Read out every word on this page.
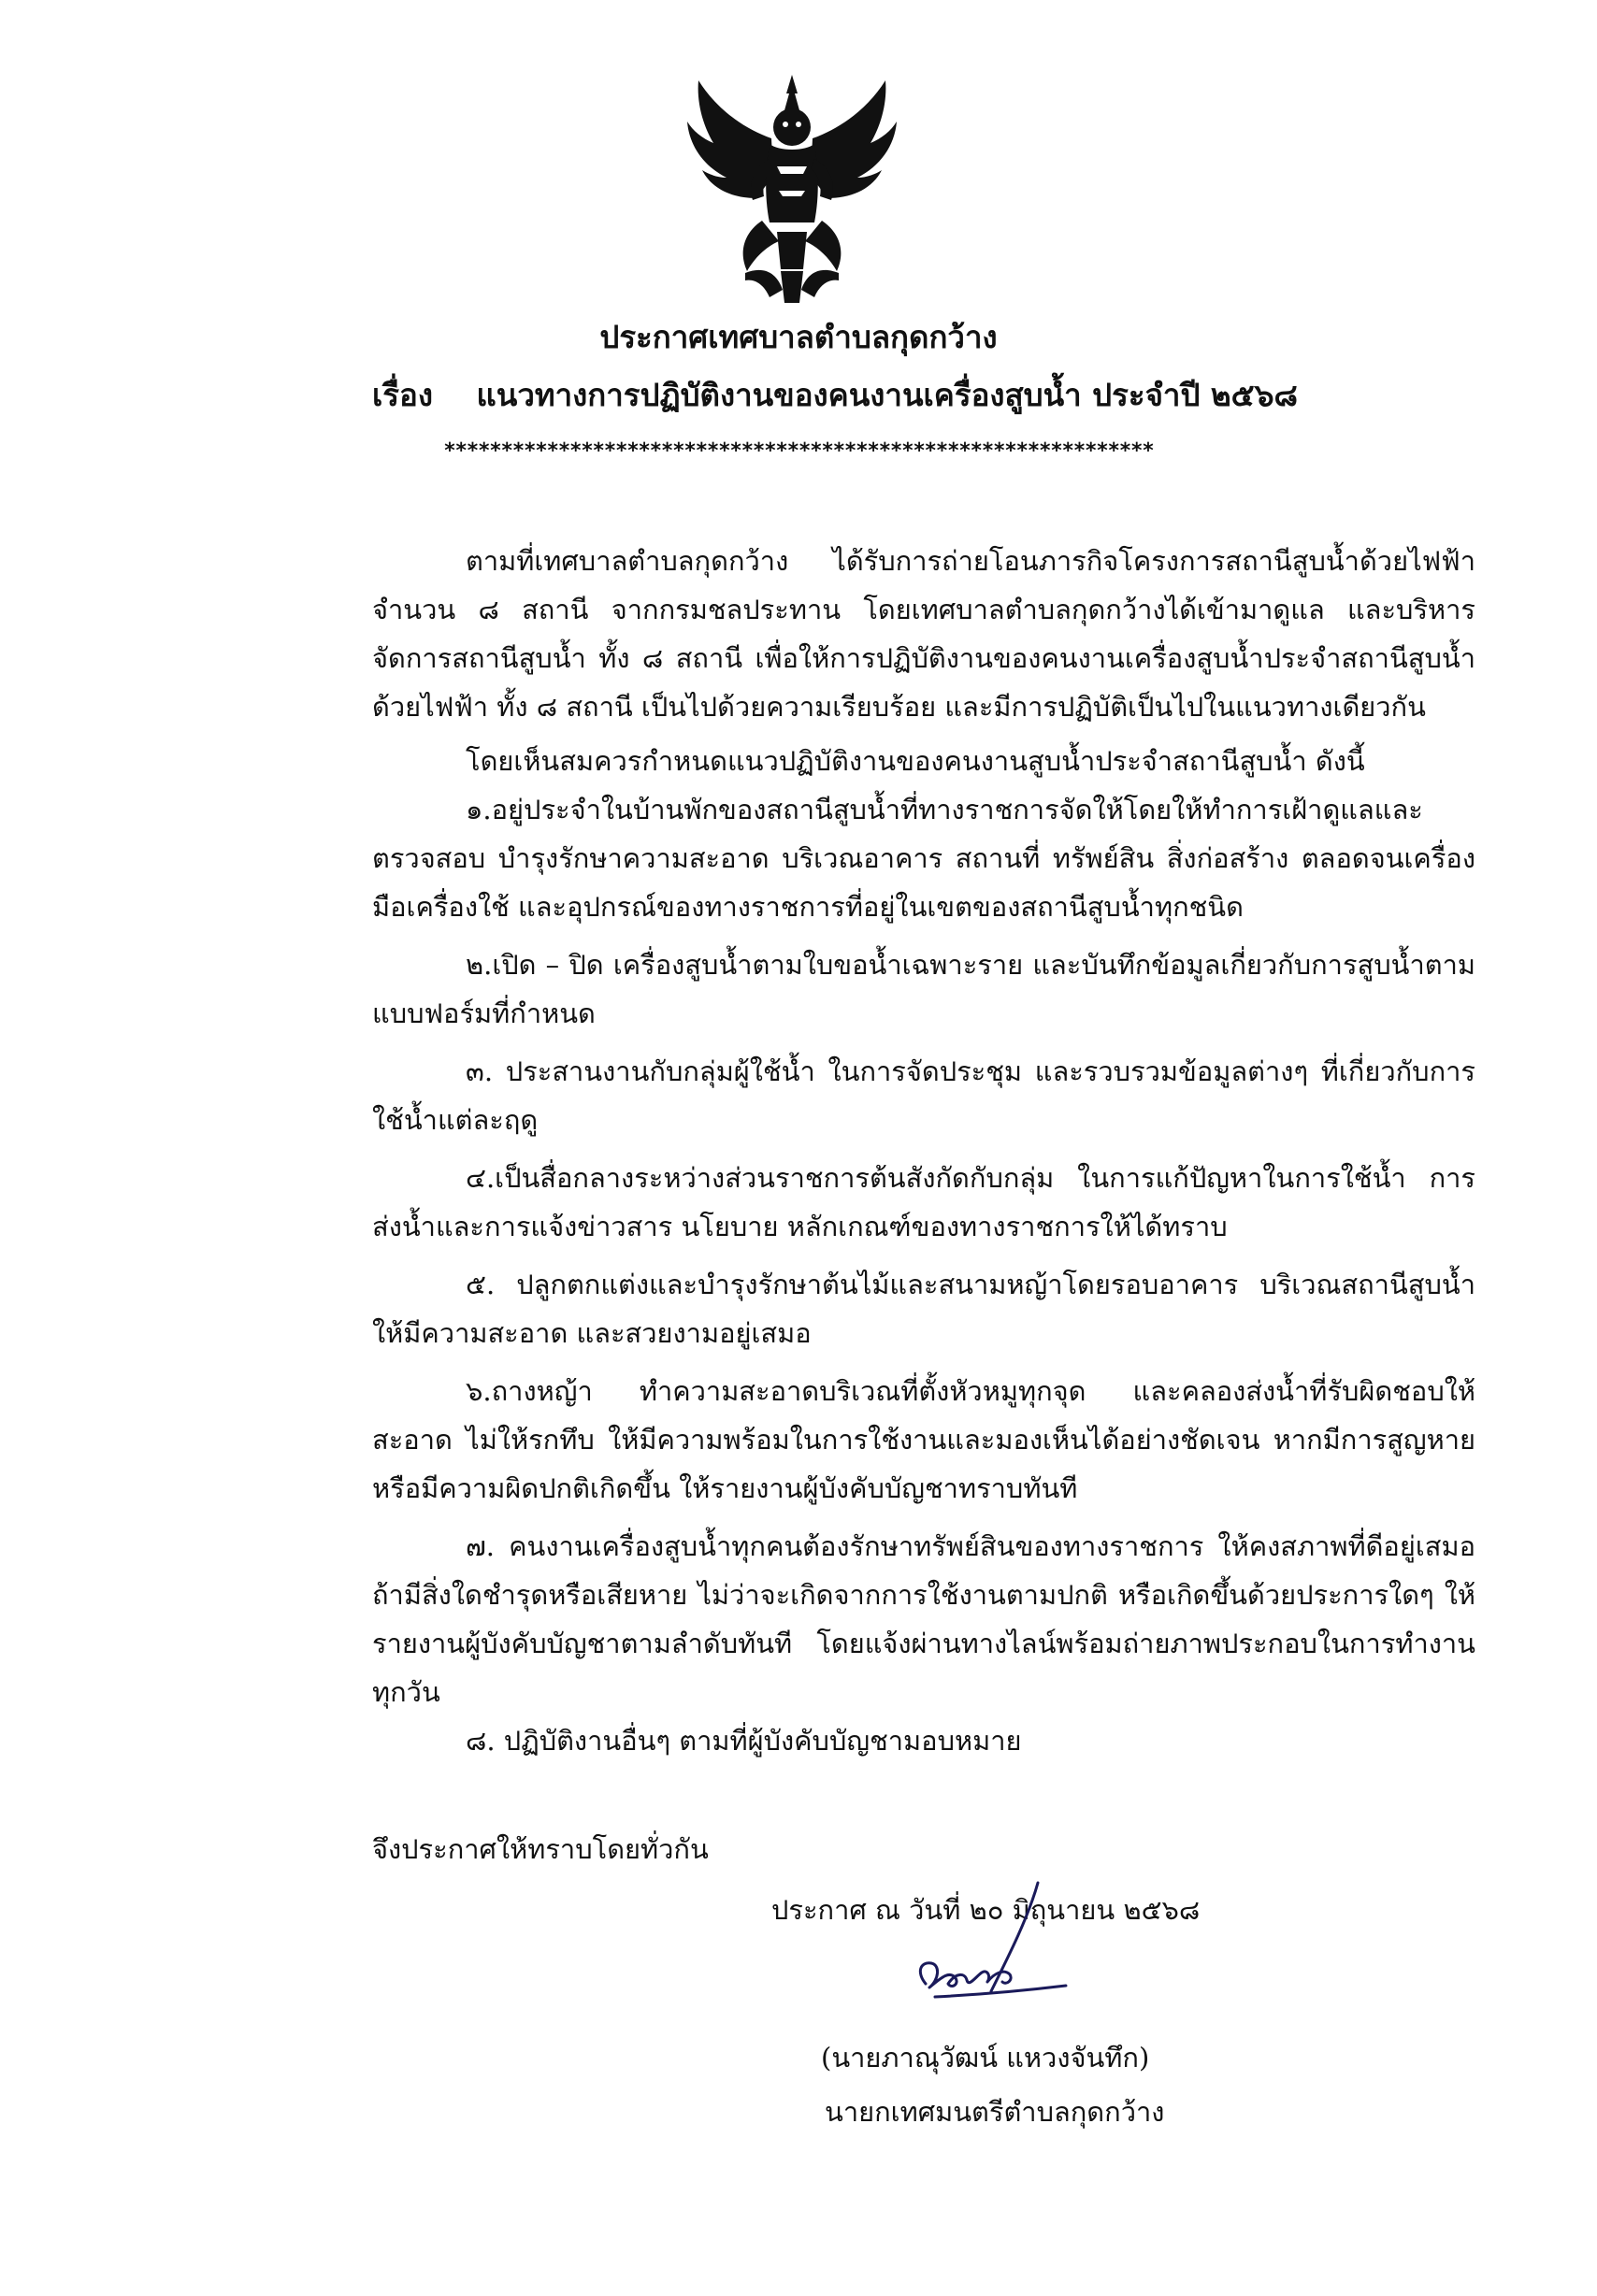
ประกาศเทศบาลตำบลกุดกว้าง
เรื่อง แนวทางการปฏิบัติงานของคนงานเครื่องสูบน้ำ ประจำปี ๒๕๖๘
**************************************************************

ตามที่เทศบาลตำบลกุดกว้าง ได้รับการถ่ายโอนภารกิจโครงการสถานีสูบน้ำด้วยไฟฟ้า จำนวน ๘ สถานี จากกรมชลประทาน โดยเทศบาลตำบลกุดกว้างได้เข้ามาดูแล และบริหารจัดการสถานีสูบน้ำ ทั้ง ๘ สถานี เพื่อให้การปฏิบัติงานของคนงานเครื่องสูบน้ำประจำสถานีสูบน้ำด้วยไฟฟ้า ทั้ง ๘ สถานี เป็นไปด้วยความเรียบร้อย และมีการปฏิบัติเป็นไปในแนวทางเดียวกัน

โดยเห็นสมควรกำหนดแนวปฏิบัติงานของคนงานสูบน้ำประจำสถานีสูบน้ำ ดังนี้

๑.อยู่ประจำในบ้านพักของสถานีสูบน้ำที่ทางราชการจัดให้โดยให้ทำการเฝ้าดูแลและตรวจสอบ บำรุงรักษาความสะอาด บริเวณอาคาร สถานที่ ทรัพย์สิน สิ่งก่อสร้าง ตลอดจนเครื่องมือเครื่องใช้ และอุปกรณ์ของทางราชการที่อยู่ในเขตของสถานีสูบน้ำทุกชนิด

๒.เปิด – ปิด เครื่องสูบน้ำตามใบขอน้ำเฉพาะราย และบันทึกข้อมูลเกี่ยวกับการสูบน้ำตามแบบฟอร์มที่กำหนด

๓. ประสานงานกับกลุ่มผู้ใช้น้ำ ในการจัดประชุม และรวบรวมข้อมูลต่างๆ ที่เกี่ยวกับการใช้น้ำแต่ละฤดู

๔.เป็นสื่อกลางระหว่างส่วนราชการต้นสังกัดกับกลุ่ม ในการแก้ปัญหาในการใช้น้ำ การส่งน้ำและการแจ้งข่าวสาร นโยบาย หลักเกณฑ์ของทางราชการให้ได้ทราบ

๕. ปลูกตกแต่งและบำรุงรักษาต้นไม้และสนามหญ้าโดยรอบอาคาร บริเวณสถานีสูบน้ำ ให้มีความสะอาด และสวยงามอยู่เสมอ

๖.ถางหญ้า ทำความสะอาดบริเวณที่ตั้งหัวหมูทุกจุด และคลองส่งน้ำที่รับผิดชอบให้สะอาด ไม่ให้รกทึบ ให้มีความพร้อมในการใช้งานและมองเห็นได้อย่างชัดเจน หากมีการสูญหายหรือมีความผิดปกติเกิดขึ้น ให้รายงานผู้บังคับบัญชาทราบทันที

๗. คนงานเครื่องสูบน้ำทุกคนต้องรักษาทรัพย์สินของทางราชการ ให้คงสภาพที่ดีอยู่เสมอ ถ้ามีสิ่งใดชำรุดหรือเสียหาย ไม่ว่าจะเกิดจากการใช้งานตามปกติ หรือเกิดขึ้นด้วยประการใดๆ ให้รายงานผู้บังคับบัญชาตามลำดับทันที โดยแจ้งผ่านทางไลน์พร้อมถ่ายภาพประกอบในการทำงานทุกวัน

๘. ปฏิบัติงานอื่นๆ ตามที่ผู้บังคับบัญชามอบหมาย

จึงประกาศให้ทราบโดยทั่วกัน
ประกาศ ณ วันที่ ๒๐ มิถุนายน ๒๕๖๘
(นายภาณุวัฒน์ แหวงจันทึก)
นายกเทศมนตรีตำบลกุดกว้าง
